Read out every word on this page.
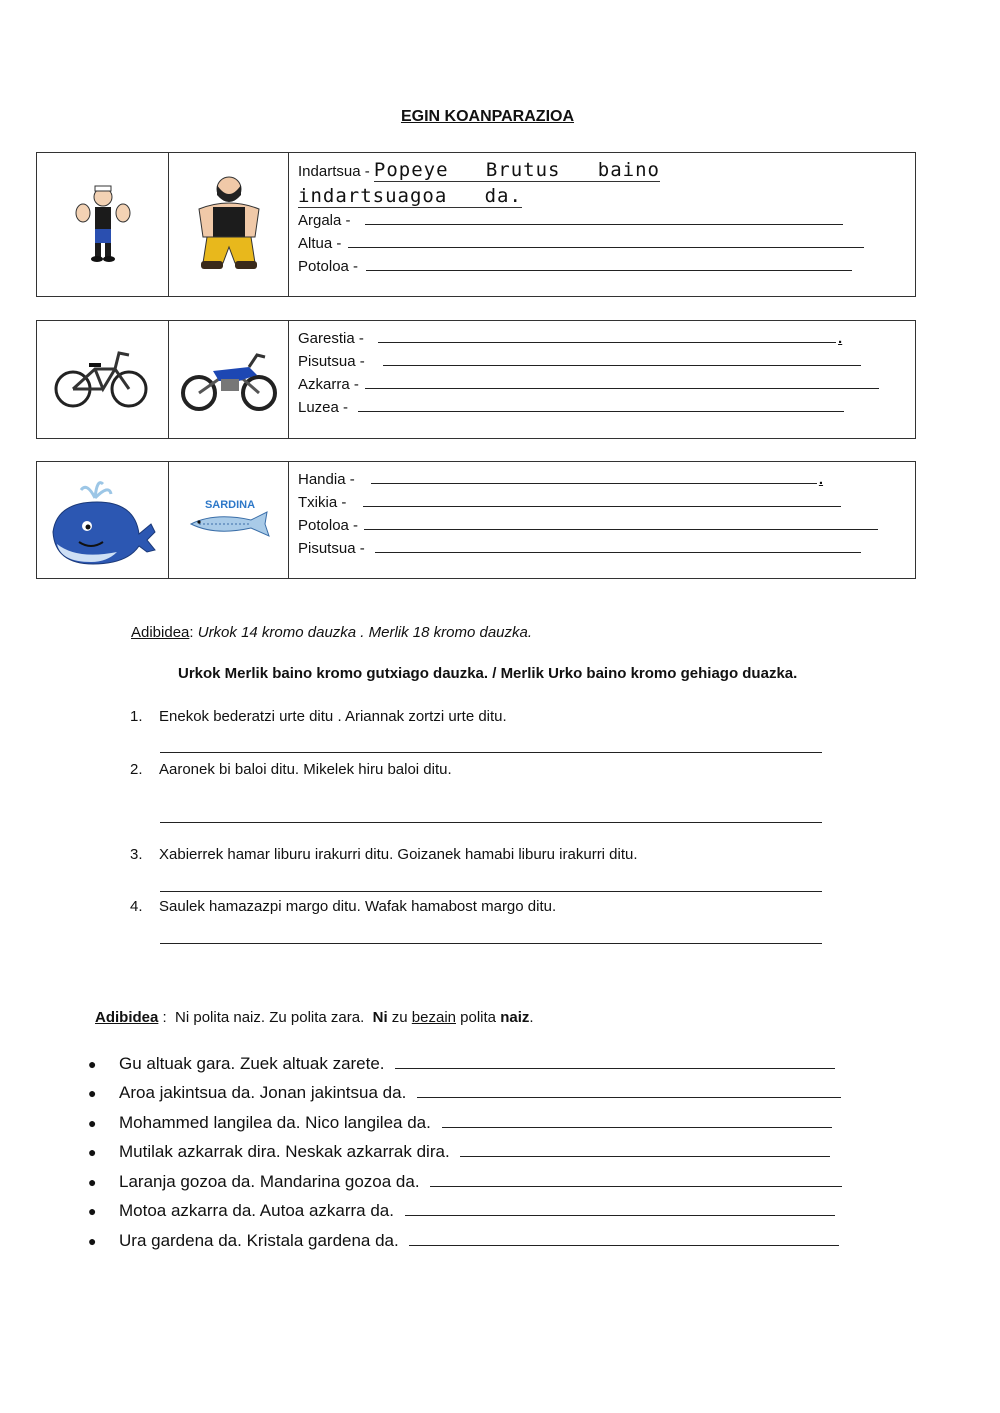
EGIN KOANPARAZIOA
Indartsua - Popeye   Brutus   baino
indartsuagoa   da.
Argala -
Altua -
Potoloa -
Garestia -	.
Pisutsua -
Azkarra -
Luzea -
SARDINA
Handia -	.
Txikia -
Potoloa -
Pisutsua -
Adibidea: Urkok 14 kromo dauzka . Merlik 18 kromo dauzka.
Urkok Merlik baino kromo gutxiago dauzka. / Merlik Urko baino kromo gehiago duazka.
1. Enekok bederatzi urte ditu . Ariannak zortzi urte ditu.
2. Aaronek bi baloi ditu. Mikelek hiru baloi ditu.
3. Xabierrek hamar liburu irakurri ditu. Goizanek hamabi liburu irakurri ditu.
4. Saulek hamazazpi margo ditu. Wafak hamabost margo ditu.
Adibidea :  Ni polita naiz. Zu polita zara.  Ni zu bezain polita naiz.
● Gu altuak gara. Zuek altuak zarete.
● Aroa jakintsua da. Jonan jakintsua da.
● Mohammed langilea da. Nico langilea da.
● Mutilak azkarrak dira. Neskak azkarrak dira.
● Laranja gozoa da. Mandarina gozoa da.
● Motoa azkarra da. Autoa azkarra da.
● Ura gardena da. Kristala gardena da.
